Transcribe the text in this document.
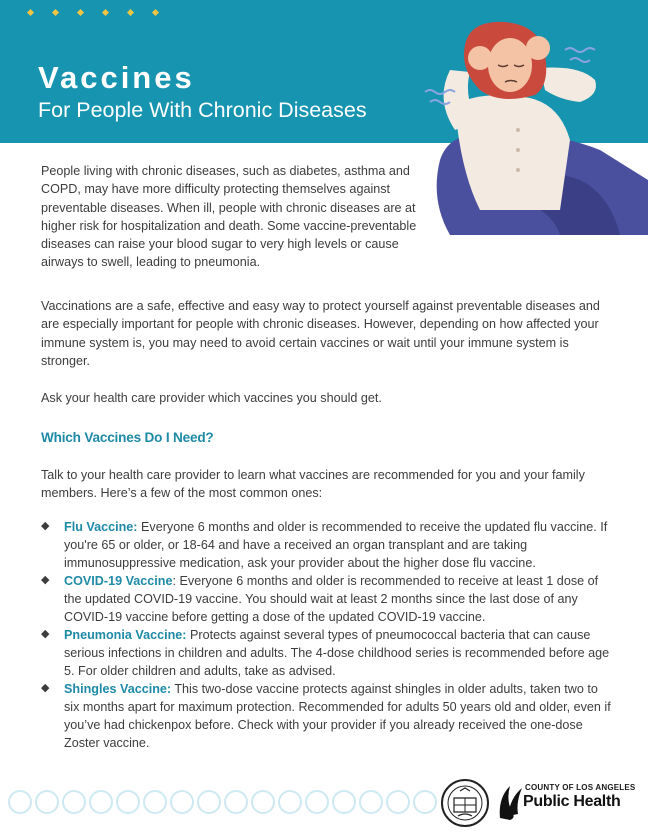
Vaccines
For People With Chronic Diseases
People living with chronic diseases, such as diabetes, asthma and COPD, may have more difficulty protecting themselves against preventable diseases. When ill, people with chronic diseases are at higher risk for hospitalization and death. Some vaccine-preventable diseases can raise your blood sugar to very high levels or cause airways to swell, leading to pneumonia.
Vaccinations are a safe, effective and easy way to protect yourself against preventable diseases and are especially important for people with chronic diseases. However, depending on how affected your immune system is, you may need to avoid certain vaccines or wait until your immune system is stronger.
Ask your health care provider which vaccines you should get.
Which Vaccines Do I Need?
Talk to your health care provider to learn what vaccines are recommended for you and your family members. Here’s a few of the most common ones:
◆ Flu Vaccine: Everyone 6 months and older is recommended to receive the updated flu vaccine. If you're 65 or older, or 18-64 and have a received an organ transplant and are taking immunosuppressive medication, ask your provider about the higher dose flu vaccine.
◆ COVID-19 Vaccine: Everyone 6 months and older is recommended to receive at least 1 dose of the updated COVID-19 vaccine. You should wait at least 2 months since the last dose of any COVID-19 vaccine before getting a dose of the updated COVID-19 vaccine.
◆ Pneumonia Vaccine: Protects against several types of pneumococcal bacteria that can cause serious infections in children and adults. The 4-dose childhood series is recommended before age 5. For older children and adults, take as advised.
◆ Shingles Vaccine: This two-dose vaccine protects against shingles in older adults, taken two to six months apart for maximum protection. Recommended for adults 50 years old and older, even if you’ve had chickenpox before. Check with your provider if you already received the one-dose Zoster vaccine.
COUNTY OF LOS ANGELES
Public Health
